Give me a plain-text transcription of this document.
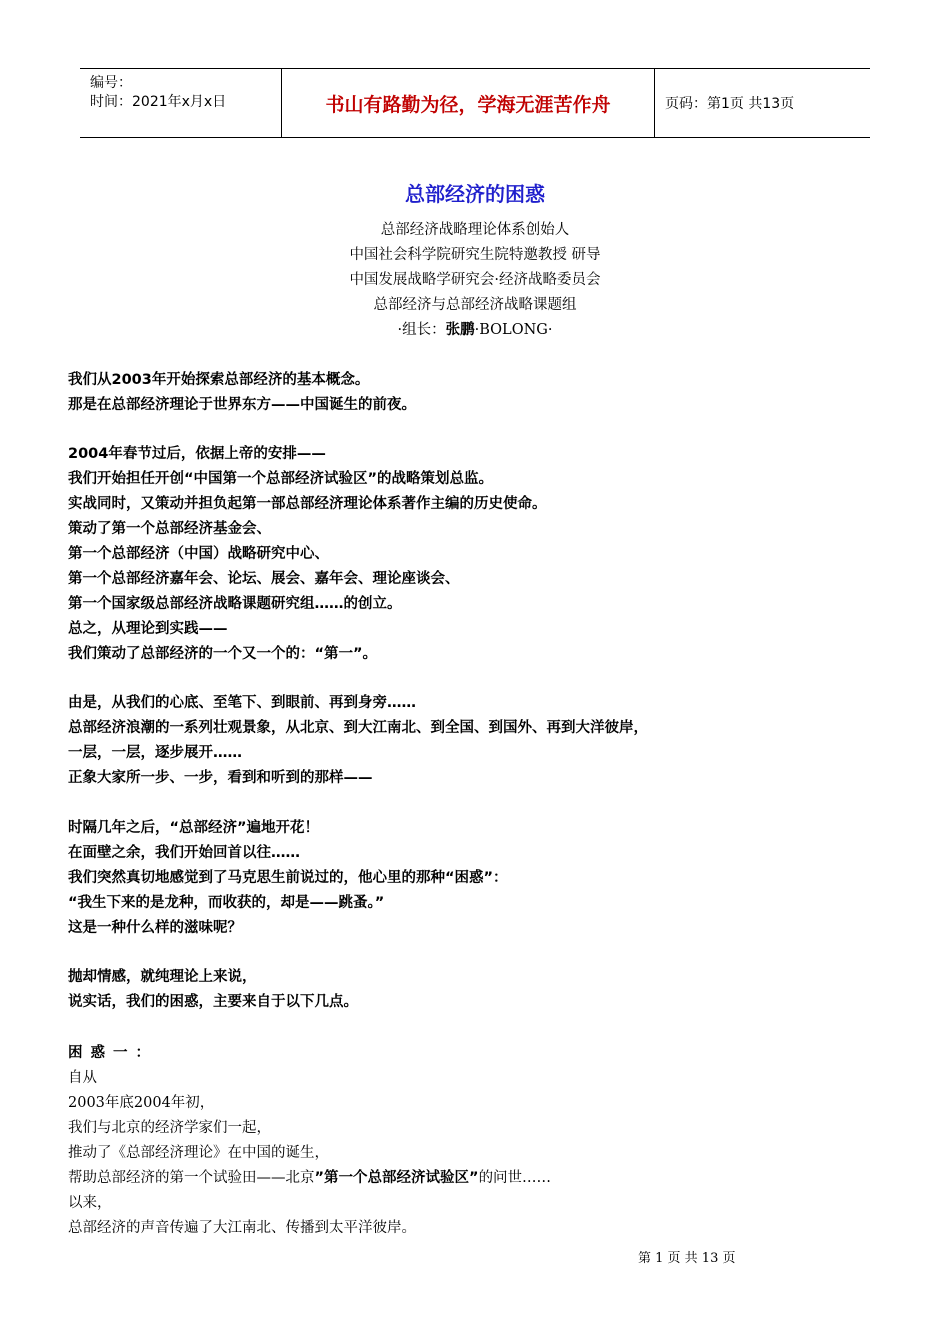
编号：
时间：2021年x月x日	书山有路勤为径，学海无涯苦作舟	页码：第1页 共13页
总部经济的困惑
总部经济战略理论体系创始人
中国社会科学院研究生院特邀教授 研导
中国发展战略学研究会·经济战略委员会
总部经济与总部经济战略课题组
·组长：张鹏·BOLONG·
我们从2003年开始探索总部经济的基本概念。
那是在总部经济理论于世界东方——中国诞生的前夜。
2004年春节过后，依据上帝的安排——
我们开始担任开创“中国第一个总部经济试验区”的战略策划总监。
实战同时，又策动并担负起第一部总部经济理论体系著作主编的历史使命。
策动了第一个总部经济基金会、
第一个总部经济（中国）战略研究中心、
第一个总部经济嘉年会、论坛、展会、嘉年会、理论座谈会、
第一个国家级总部经济战略课题研究组……的创立。
总之，从理论到实践——
我们策动了总部经济的一个又一个的：“第一”。
由是，从我们的心底、至笔下、到眼前、再到身旁……
总部经济浪潮的一系列壮观景象，从北京、到大江南北、到全国、到国外、再到大洋彼岸，
一层，一层，逐步展开……
正象大家所一步、一步，看到和听到的那样——
时隔几年之后，“总部经济”遍地开花！
在面壁之余，我们开始回首以往……
我们突然真切地感觉到了马克思生前说过的，他心里的那种“困惑”：
“我生下来的是龙种，而收获的，却是——跳蚤。”
这是一种什么样的滋味呢？
抛却情感，就纯理论上来说，
说实话，我们的困惑，主要来自于以下几点。
困惑一：
自从
2003年底2004年初，
我们与北京的经济学家们一起，
推动了《总部经济理论》在中国的诞生，
帮助总部经济的第一个试验田——北京”第一个总部经济试验区”的问世……
以来，
总部经济的声音传遍了大江南北、传播到太平洋彼岸。
第 1 页 共 13 页
